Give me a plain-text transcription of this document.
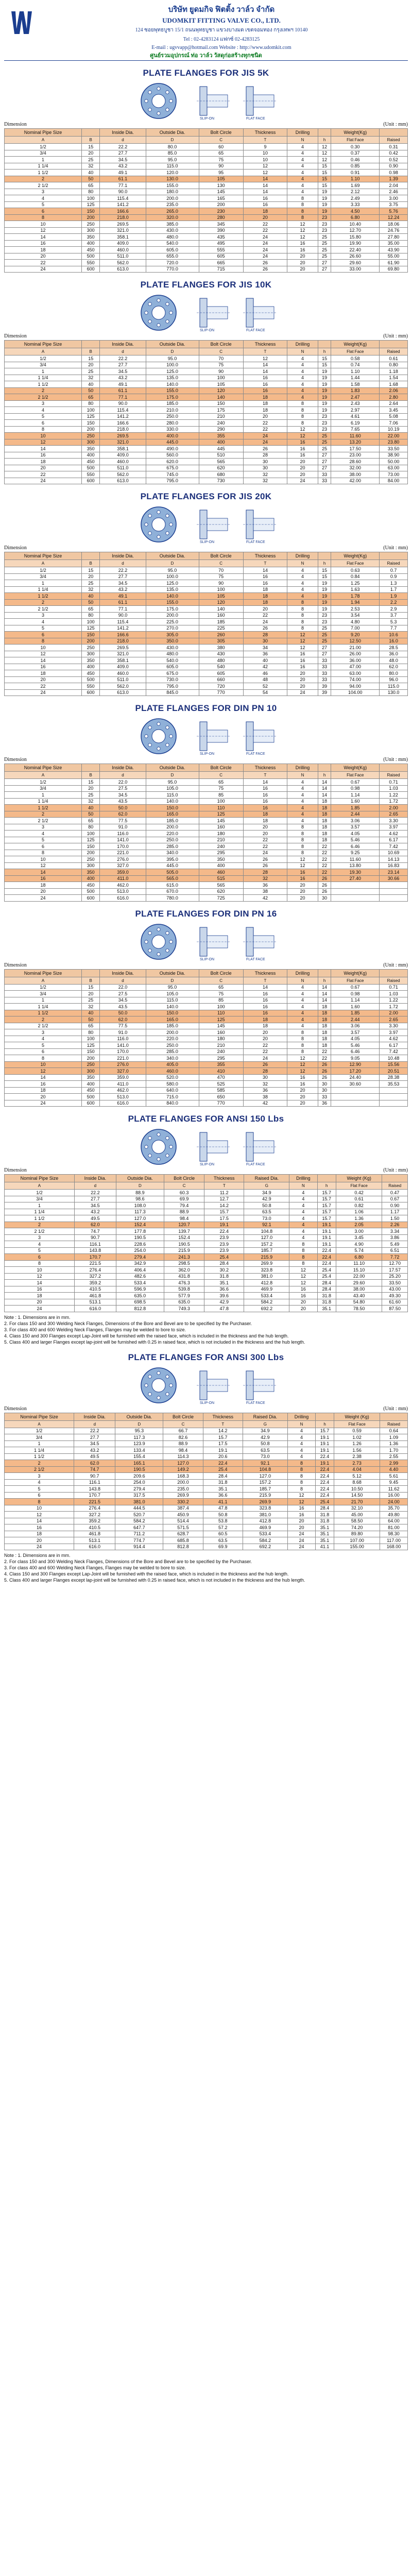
บริษัท ยูดมกิจ ฟิตติ้ง วาล์ว จำกัด
UDOMKIT FITTING VALVE CO., LTD.
124 ซอยพุทธบูชา 15/1 ถนนพุทธบูชา แขวงบางมด เขตจอมทอง กรุงเทพฯ 10140
Tel : 02-4283124 แฟกซ์ 02-4283125
E-mail : ugvvapp@hotmail.com Website : http://www.udomkit.com
ศูนย์รวมอุปกรณ์ ท่อ วาล์ว วัสดุก่อสร้างทุกชนิด
PLATE FLANGES FOR JIS 5K
SLIP-ON	FLAT FACE
Dimension	(Unit : mm)
Nominal Pipe Size		Inside Dia.	Outside Dia.	Bolt Circle	Thickness	Drilling		Weight(Kg)	
A	B	d	D	C	T	N	h	Flat Face	Raised
1/2	15	22.2	80.0	60	9	4	12	0.30	0.31
3/4	20	27.7	85.0	65	10	4	12	0.37	0.42
1	25	34.5	95.0	75	10	4	12	0.46	0.52
1 1/4	32	43.2	115.0	90	12	4	15	0.85	0.90
1 1/2	40	49.1	120.0	95	12	4	15	0.91	0.98
2	50	61.1	130.0	105	14	4	15	1.10	1.39
2 1/2	65	77.1	155.0	130	14	4	15	1.69	2.04
3	80	90.0	180.0	145	14	4	19	2.12	2.46
4	100	115.4	200.0	165	16	8	19	2.49	3.00
5	125	141.2	235.0	200	16	8	19	3.33	3.75
6	150	166.6	265.0	230	18	8	19	4.50	5.76
8	200	218.0	320.0	280	20	8	23	6.80	12.24
10	250	269.5	385.0	345	22	12	23	10.40	18.06
12	300	321.0	430.0	390	22	12	23	12.70	24.76
14	350	358.1	480.0	435	24	12	25	15.80	27.80
16	400	409.0	540.0	495	24	16	25	19.90	35.00
18	450	460.0	605.0	555	24	16	25	22.40	43.90
20	500	511.0	655.0	605	24	20	25	26.60	55.00
22	550	562.0	720.0	665	26	20	27	29.60	61.90
24	600	613.0	770.0	715	26	20	27	33.00	69.80
PLATE FLANGES FOR JIS 10K
SLIP-ON	FLAT FACE
Dimension	(Unit : mm)
Nominal Pipe Size		Inside Dia.	Outside Dia.	Bolt Circle	Thickness	Drilling		Weight(Kg)	
A	B	d	D	C	T	N	h	Flat Face	Raised
1/2	15	22.2	95.0	70	12	4	15	0.58	0.61
3/4	20	27.7	100.0	75	14	4	15	0.74	0.80
1	25	34.5	125.0	90	14	4	19	1.10	1.18
1 1/4	32	43.2	135.0	100	16	4	19	1.44	1.54
1 1/2	40	49.1	140.0	105	16	4	19	1.58	1.68
2	50	61.1	155.0	120	16	4	19	1.83	2.06
2 1/2	65	77.1	175.0	140	18	4	19	2.47	2.80
3	80	90.0	185.0	150	18	8	19	2.43	2.64
4	100	115.4	210.0	175	18	8	19	2.97	3.45
5	125	141.2	250.0	210	20	8	23	4.61	5.08
6	150	166.6	280.0	240	22	8	23	6.19	7.06
8	200	218.0	330.0	290	22	12	23	7.65	10.19
10	250	269.5	400.0	355	24	12	25	11.60	22.00
12	300	321.0	445.0	400	24	16	25	13.20	23.80
14	350	358.1	490.0	445	26	16	25	17.50	33.50
16	400	409.0	560.0	510	28	16	27	23.00	38.90
18	450	460.0	620.0	565	30	20	27	28.60	50.00
20	500	511.0	675.0	620	30	20	27	32.00	63.00
22	550	562.0	745.0	680	32	20	33	38.00	73.00
24	600	613.0	795.0	730	32	24	33	42.00	84.00
PLATE FLANGES FOR JIS 20K
SLIP-ON	FLAT FACE
Dimension	(Unit : mm)
Nominal Pipe Size		Inside Dia.	Outside Dia.	Bolt Circle	Thickness	Drilling		Weight(Kg)	
A	B	d	D	C	T	N	h	Flat Face	Raised
1/2	15	22.2	95.0	70	14	4	15	0.63	0.7
3/4	20	27.7	100.0	75	16	4	15	0.84	0.9
1	25	34.5	125.0	90	16	4	19	1.25	1.3
1 1/4	32	43.2	135.0	100	18	4	19	1.63	1.7
1 1/2	40	49.1	140.0	105	18	4	19	1.78	1.9
2	50	61.1	155.0	120	18	8	19	1.94	2.2
2 1/2	65	77.1	175.0	140	20	8	19	2.53	2.9
3	80	90.0	200.0	160	22	8	23	3.54	3.7
4	100	115.4	225.0	185	24	8	23	4.80	5.3
5	125	141.2	270.0	225	26	8	25	7.00	7.7
6	150	166.6	305.0	260	28	12	25	9.20	10.6
8	200	218.0	350.0	305	30	12	25	12.50	16.0
10	250	269.5	430.0	380	34	12	27	21.00	28.5
12	300	321.0	480.0	430	36	16	27	26.00	36.0
14	350	358.1	540.0	480	40	16	33	36.00	48.0
16	400	409.0	605.0	540	42	16	33	47.00	62.0
18	450	460.0	675.0	605	46	20	33	63.00	80.0
20	500	511.0	730.0	660	48	20	33	74.00	96.0
22	550	562.0	795.0	720	52	20	39	94.00	115.0
24	600	613.0	845.0	770	54	24	39	104.00	130.0
PLATE FLANGES FOR DIN PN 10
SLIP-ON	FLAT FACE
Dimension	(Unit : mm)
Nominal Pipe Size		Inside Dia.	Outside Dia.	Bolt Circle	Thickness	Drilling		Weight(Kg)	
A	B	d	D	C	T	N	h	Flat Face	Raised
1/2	15	22.0	95.0	65	14	4	14	0.67	0.71
3/4	20	27.5	105.0	75	16	4	14	0.98	1.03
1	25	34.5	115.0	85	16	4	14	1.14	1.22
1 1/4	32	43.5	140.0	100	16	4	18	1.60	1.72
1 1/2	40	50.0	150.0	110	16	4	18	1.85	2.00
2	50	62.0	165.0	125	18	4	18	2.44	2.65
2 1/2	65	77.5	185.0	145	18	4	18	3.06	3.30
3	80	91.0	200.0	160	20	8	18	3.57	3.97
4	100	116.0	220.0	180	20	8	18	4.05	4.62
5	125	141.0	250.0	210	22	8	18	5.46	6.17
6	150	170.0	285.0	240	22	8	22	6.46	7.42
8	200	221.0	340.0	295	24	8	22	9.25	10.69
10	250	276.0	395.0	350	26	12	22	11.60	14.13
12	300	327.0	445.0	400	26	12	22	13.80	16.83
14	350	359.0	505.0	460	28	16	22	19.30	23.14
16	400	411.0	565.0	515	32	16	26	27.40	30.66
18	450	462.0	615.0	565	36	20	26		
20	500	513.0	670.0	620	38	20	26		
24	600	616.0	780.0	725	42	20	30		
PLATE FLANGES FOR DIN PN 16
SLIP-ON	FLAT FACE
Dimension	(Unit : mm)
Nominal Pipe Size		Inside Dia.	Outside Dia.	Bolt Circle	Thickness	Drilling		Weight(Kg)	
A	B	d	D	C	T	N	h	Flat Face	Raised
1/2	15	22.0	95.0	65	14	4	14	0.67	0.71
3/4	20	27.5	105.0	75	16	4	14	0.98	1.03
1	25	34.5	115.0	85	16	4	14	1.14	1.22
1 1/4	32	43.5	140.0	100	16	4	18	1.60	1.72
1 1/2	40	50.0	150.0	110	16	4	18	1.85	2.00
2	50	62.0	165.0	125	18	4	18	2.44	2.65
2 1/2	65	77.5	185.0	145	18	4	18	3.06	3.30
3	80	91.0	200.0	160	20	8	18	3.57	3.97
4	100	116.0	220.0	180	20	8	18	4.05	4.62
5	125	141.0	250.0	210	22	8	18	5.46	6.17
6	150	170.0	285.0	240	22	8	22	6.46	7.42
8	200	221.0	340.0	295	24	12	22	9.05	10.48
10	250	276.0	405.0	355	26	12	26	12.90	15.56
12	300	327.0	460.0	410	28	12	26	17.20	20.51
14	350	359.0	520.0	470	30	16	26	24.40	28.38
16	400	411.0	580.0	525	32	16	30	30.60	35.53
18	450	462.0	640.0	585	36	20	30		
20	500	513.0	715.0	650	38	20	33		
24	600	616.0	840.0	770	42	20	36		
PLATE FLANGES FOR ANSI 150 Lbs
SLIP-ON	FLAT FACE
Dimension	(Unit : mm)
Nominal Pipe Size	Inside Dia.	Outside Dia.	Bolt Circle	Thickness	Raised Dia.	Drilling		Weight (Kg)	
A	d	D	C	T	G	N	h	Flat Face	Raised
1/2	22.2	88.9	60.3	11.2	34.9	4	15.7	0.42	0.47
3/4	27.7	98.6	69.9	12.7	42.9	4	15.7	0.61	0.67
1	34.5	108.0	79.4	14.2	50.8	4	15.7	0.82	0.90
1 1/4	43.2	117.3	88.9	15.7	63.5	4	15.7	1.06	1.17
1 1/2	49.5	127.0	98.4	17.5	73.0	4	15.7	1.36	1.50
2	62.0	152.4	120.7	19.1	92.1	4	19.1	2.05	2.26
2 1/2	74.7	177.8	139.7	22.4	104.8	4	19.1	3.00	3.34
3	90.7	190.5	152.4	23.9	127.0	4	19.1	3.45	3.86
4	116.1	228.6	190.5	23.9	157.2	8	19.1	4.90	5.49
5	143.8	254.0	215.9	23.9	185.7	8	22.4	5.74	6.51
6	170.7	279.4	241.3	25.4	215.9	8	22.4	6.80	7.72
8	221.5	342.9	298.5	28.4	269.9	8	22.4	11.10	12.70
10	276.4	406.4	362.0	30.2	323.8	12	25.4	15.10	17.57
12	327.2	482.6	431.8	31.8	381.0	12	25.4	22.00	25.20
14	359.2	533.4	476.3	35.1	412.8	12	28.4	29.60	33.50
16	410.5	596.9	539.8	36.6	469.9	16	28.4	38.00	43.00
18	461.8	635.0	577.9	39.6	533.4	16	31.8	43.40	49.30
20	513.1	698.5	635.0	42.9	584.2	20	31.8	54.80	61.60
24	616.0	812.8	749.3	47.8	692.2	20	35.1	78.50	87.50
Note : 1. Dimensions are in mm.
2. For class 150 and 300 Welding Neck Flanges, Dimensions of the Bore and Bevel are to be specified by the Purchaser.
3. For class 400 and 600 Welding Neck Flanges, Flanges may be welded to bore to size.
4. Class 150 and 300 Flanges except Lap-Joint will be furnished with the raised face, which is included in the thickness and the hub length.
5. Class 400 and larger Flanges except lap-joint will be furnished with 0.25 in raised face, which is not included in the thickness and the hub length.
PLATE FLANGES FOR ANSI 300 Lbs
SLIP-ON	FLAT FACE
Dimension	(Unit : mm)
Nominal Pipe Size	Inside Dia.	Outside Dia.	Bolt Circle	Thickness	Raised Dia.	Drilling		Weight (Kg)	
A	d	D	C	T	G	N	h	Flat Face	Raised
1/2	22.2	95.3	66.7	14.2	34.9	4	15.7	0.59	0.64
3/4	27.7	117.3	82.6	15.7	42.9	4	19.1	1.02	1.09
1	34.5	123.9	88.9	17.5	50.8	4	19.1	1.26	1.36
1 1/4	43.2	133.4	98.4	19.1	63.5	4	19.1	1.56	1.70
1 1/2	49.5	155.4	114.3	20.6	73.0	4	22.4	2.38	2.55
2	62.0	165.1	127.0	22.4	92.1	8	19.1	2.73	2.99
2 1/2	74.7	190.5	149.2	25.4	104.8	8	22.4	4.04	4.40
3	90.7	209.6	168.3	28.4	127.0	8	22.4	5.12	5.61
4	116.1	254.0	200.0	31.8	157.2	8	22.4	8.68	9.45
5	143.8	279.4	235.0	35.1	185.7	8	22.4	10.50	11.62
6	170.7	317.5	269.9	36.6	215.9	12	22.4	14.50	16.00
8	221.5	381.0	330.2	41.1	269.9	12	25.4	21.70	24.00
10	276.4	444.5	387.4	47.8	323.8	16	28.4	32.10	35.70
12	327.2	520.7	450.9	50.8	381.0	16	31.8	45.00	49.80
14	359.2	584.2	514.4	53.8	412.8	20	31.8	58.50	64.00
16	410.5	647.7	571.5	57.2	469.9	20	35.1	74.20	81.00
18	461.8	711.2	628.7	60.5	533.4	24	35.1	89.80	98.30
20	513.1	774.7	685.8	63.5	584.2	24	35.1	107.00	117.00
24	616.0	914.4	812.8	69.9	692.2	24	41.1	155.00	168.00
Note : 1. Dimensions are in mm.
2. For class 150 and 300 Welding Neck Flanges, Dimensions of the Bore and Bevel are to be specified by the Purchaser.
3. For class 400 and 600 Welding Neck Flanges, Flanges may be welded to bore to size.
4. Class 150 and 300 Flanges except Lap-Joint will be furnished with the raised face, which is included in the thickness and the hub length.
5. Class 400 and larger Flanges except lap-joint will be furnished with 0.25 in raised face, which is not included in the thickness and the hub length.
